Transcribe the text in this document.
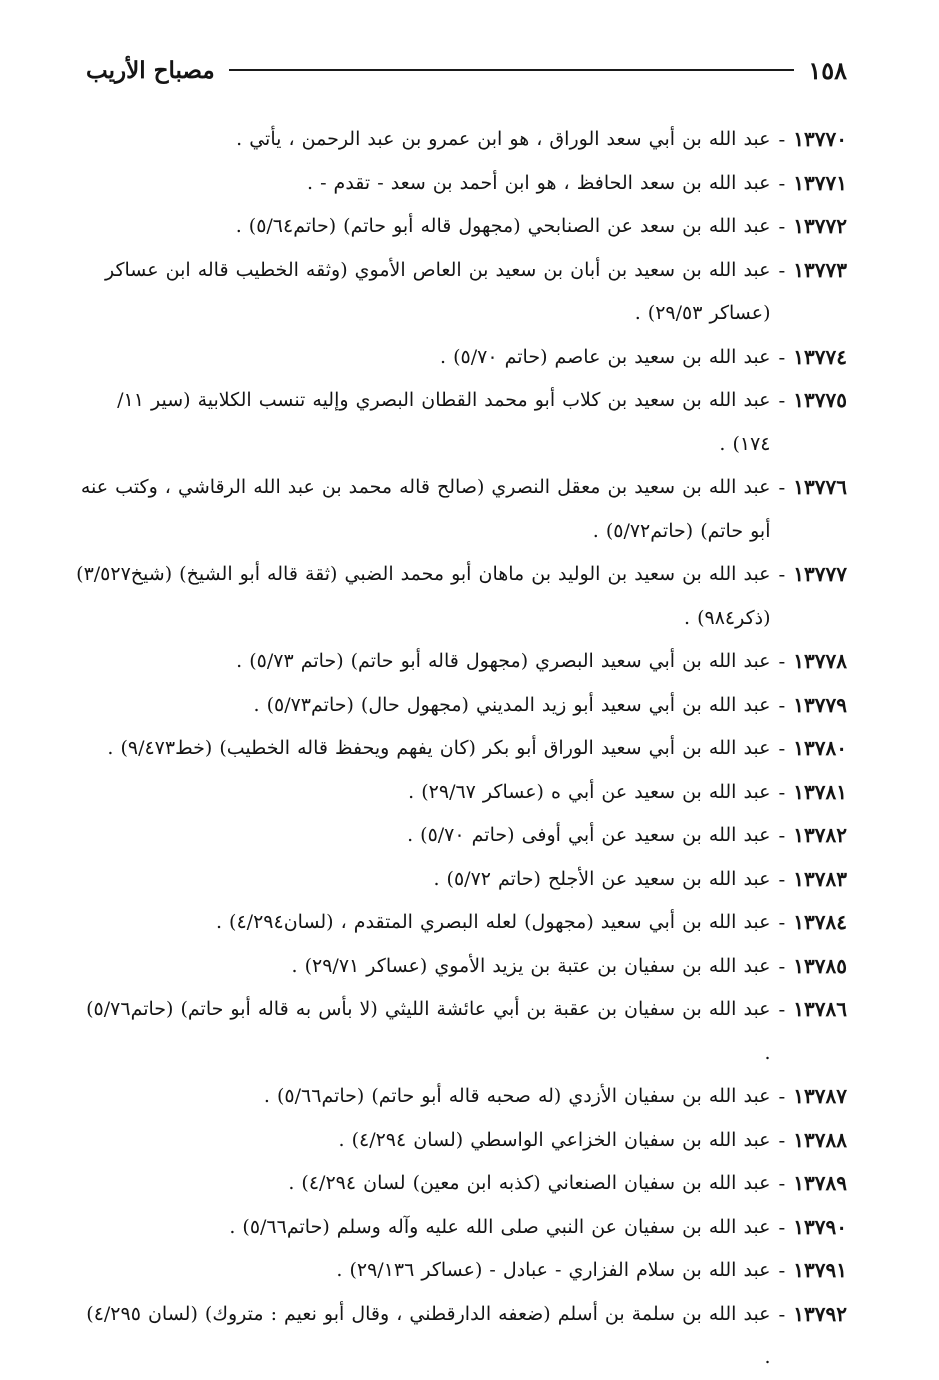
١٥٨
مصباح الأريب
١٣٧٧٠
-
عبد الله بن أبي سعد الوراق ، هو ابن عمرو بن عبد الرحمن ، يأتي .
١٣٧٧١
-
عبد الله بن سعد الحافظ ، هو ابن أحمد بن سعد - تقدم - .
١٣٧٧٢
-
عبد الله بن سعد عن الصنابحي (مجهول قاله أبو حاتم) (حاتم٥/٦٤) .
١٣٧٧٣
-
عبد الله بن سعيد بن أبان بن سعيد بن العاص الأموي (وثقه الخطيب قاله ابن عساكر (عساكر ٢٩/٥٣) .
١٣٧٧٤
-
عبد الله بن سعيد بن عاصم (حاتم ٥/٧٠) .
١٣٧٧٥
-
عبد الله بن سعيد بن كلاب أبو محمد القطان البصري وإليه تنسب الكلابية (سير ١١/ ١٧٤) .
١٣٧٧٦
-
عبد الله بن سعيد بن معقل النصري (صالح قاله محمد بن عبد الله الرقاشي ، وكتب عنه أبو حاتم) (حاتم٥/٧٢) .
١٣٧٧٧
-
عبد الله بن سعيد بن الوليد بن ماهان أبو محمد الضبي (ثقة قاله أبو الشيخ) (شيخ٣/٥٢٧) (ذكر٩٨٤) .
١٣٧٧٨
-
عبد الله بن أبي سعيد البصري (مجهول قاله أبو حاتم) (حاتم ٥/٧٣) .
١٣٧٧٩
-
عبد الله بن أبي سعيد أبو زيد المديني (مجهول حال) (حاتم٥/٧٣) .
١٣٧٨٠
-
عبد الله بن أبي سعيد الوراق أبو بكر (كان يفهم ويحفظ قاله الخطيب) (خط٩/٤٧٣) .
١٣٧٨١
-
عبد الله بن سعيد عن أبي ه (عساكر ٢٩/٦٧) .
١٣٧٨٢
-
عبد الله بن سعيد عن أبي أوفى (حاتم ٥/٧٠) .
١٣٧٨٣
-
عبد الله بن سعيد عن الأجلح (حاتم ٥/٧٢) .
١٣٧٨٤
-
عبد الله بن أبي سعيد (مجهول) لعله البصري المتقدم ، (لسان٤/٢٩٤) .
١٣٧٨٥
-
عبد الله بن سفيان بن عتبة بن يزيد الأموي (عساكر ٢٩/٧١) .
١٣٧٨٦
-
عبد الله بن سفيان بن عقبة بن أبي عائشة الليثي (لا بأس به قاله أبو حاتم) (حاتم٥/٧٦) .
١٣٧٨٧
-
عبد الله بن سفيان الأزدي (له صحبه قاله أبو حاتم) (حاتم٥/٦٦) .
١٣٧٨٨
-
عبد الله بن سفيان الخزاعي الواسطي (لسان ٤/٢٩٤) .
١٣٧٨٩
-
عبد الله بن سفيان الصنعاني (كذبه ابن معين) لسان ٤/٢٩٤) .
١٣٧٩٠
-
عبد الله بن سفيان عن النبي صلى الله عليه وآله وسلم (حاتم٥/٦٦) .
١٣٧٩١
-
عبد الله بن سلام الفزاري - عبادل - (عساكر ٢٩/١٣٦) .
١٣٧٩٢
-
عبد الله بن سلمة بن أسلم (ضعفه الدارقطني ، وقال أبو نعيم : متروك) (لسان ٤/٢٩٥) .
